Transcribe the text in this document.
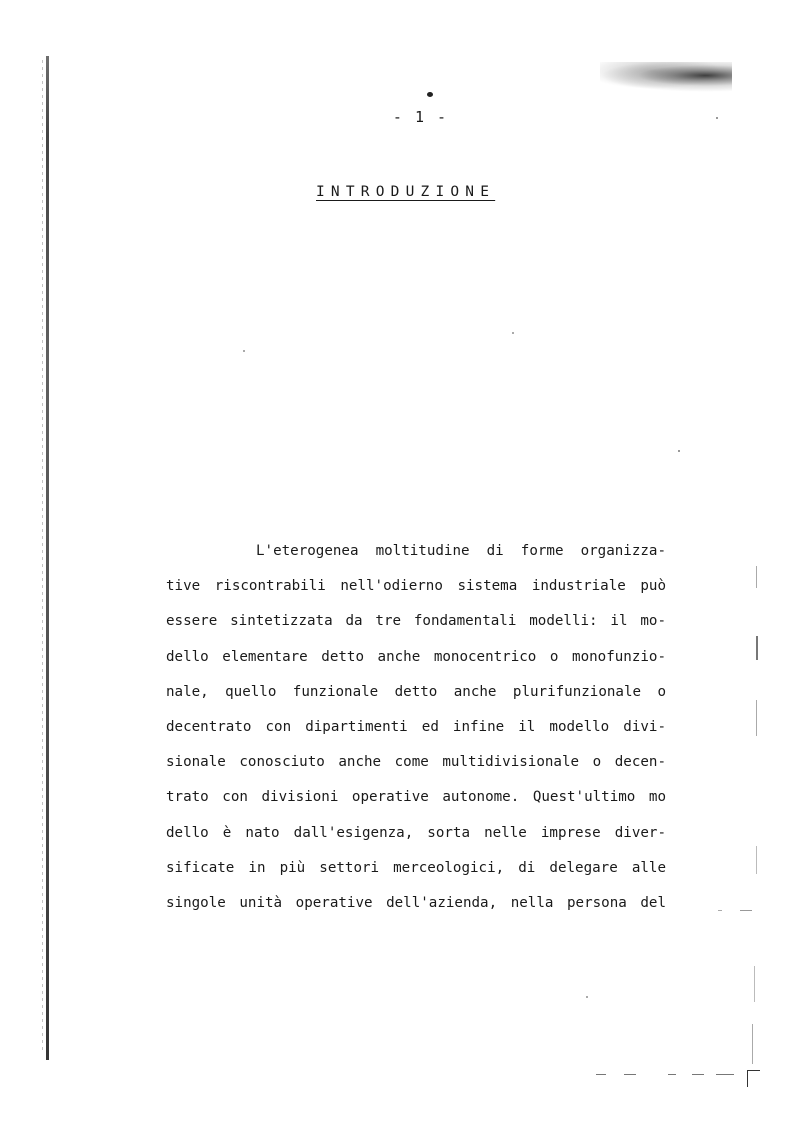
- 1 -
INTRODUZIONE
L'eterogenea moltitudine di forme organizza-
tive riscontrabili nell'odierno sistema industriale può
essere sintetizzata da tre fondamentali modelli: il mo-
dello elementare detto anche monocentrico o monofunzio-
nale, quello funzionale detto anche plurifunzionale o
decentrato con dipartimenti ed infine il modello divi-
sionale conosciuto anche come multidivisionale o decen-
trato con divisioni operative autonome. Quest'ultimo mo
dello è nato dall'esigenza, sorta nelle imprese diver-
sificate in più settori merceologici, di delegare alle
singole unità operative dell'azienda, nella persona del
